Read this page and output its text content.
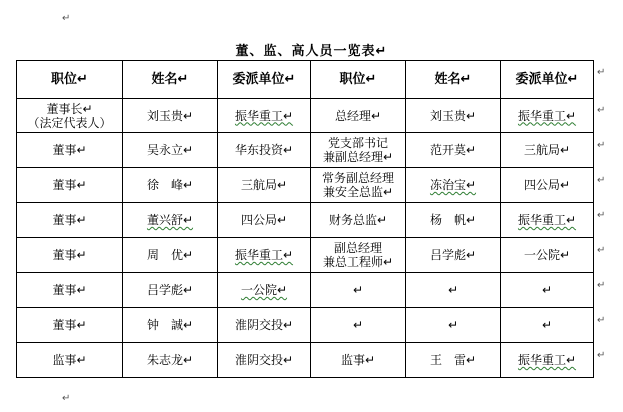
↵
董、监、高人员一览表↵
职位↵	姓名↵	委派单位↵	职位↵	姓名↵	委派单位↵
董事长↵
（法定代表人）	刘玉贵↵	振华重工↵	总经理↵	刘玉贵↵	振华重工↵
董事↵	吴永立↵	华东投资↵	党支部书记
兼副总经理↵	范开莫↵	三航局↵
董事↵	徐　峰↵	三航局↵	常务副总经理
兼安全总监↵	冻治宝↵	四公局↵
董事↵	董兴舒↵	四公局↵	财务总监↵	杨　帆↵	振华重工↵
董事↵	周　优↵	振华重工↵	副总经理
兼总工程师↵	吕学彪↵	一公院↵
董事↵	吕学彪↵	一公院↵	↵	↵	↵
董事↵	钟　誠↵	淮阴交投↵	↵	↵	↵
监事↵	朱志龙↵	淮阴交投↵	监事↵	王　雷↵	振华重工↵
↵
↵
↵
↵
↵
↵
↵
↵
↵
↵
